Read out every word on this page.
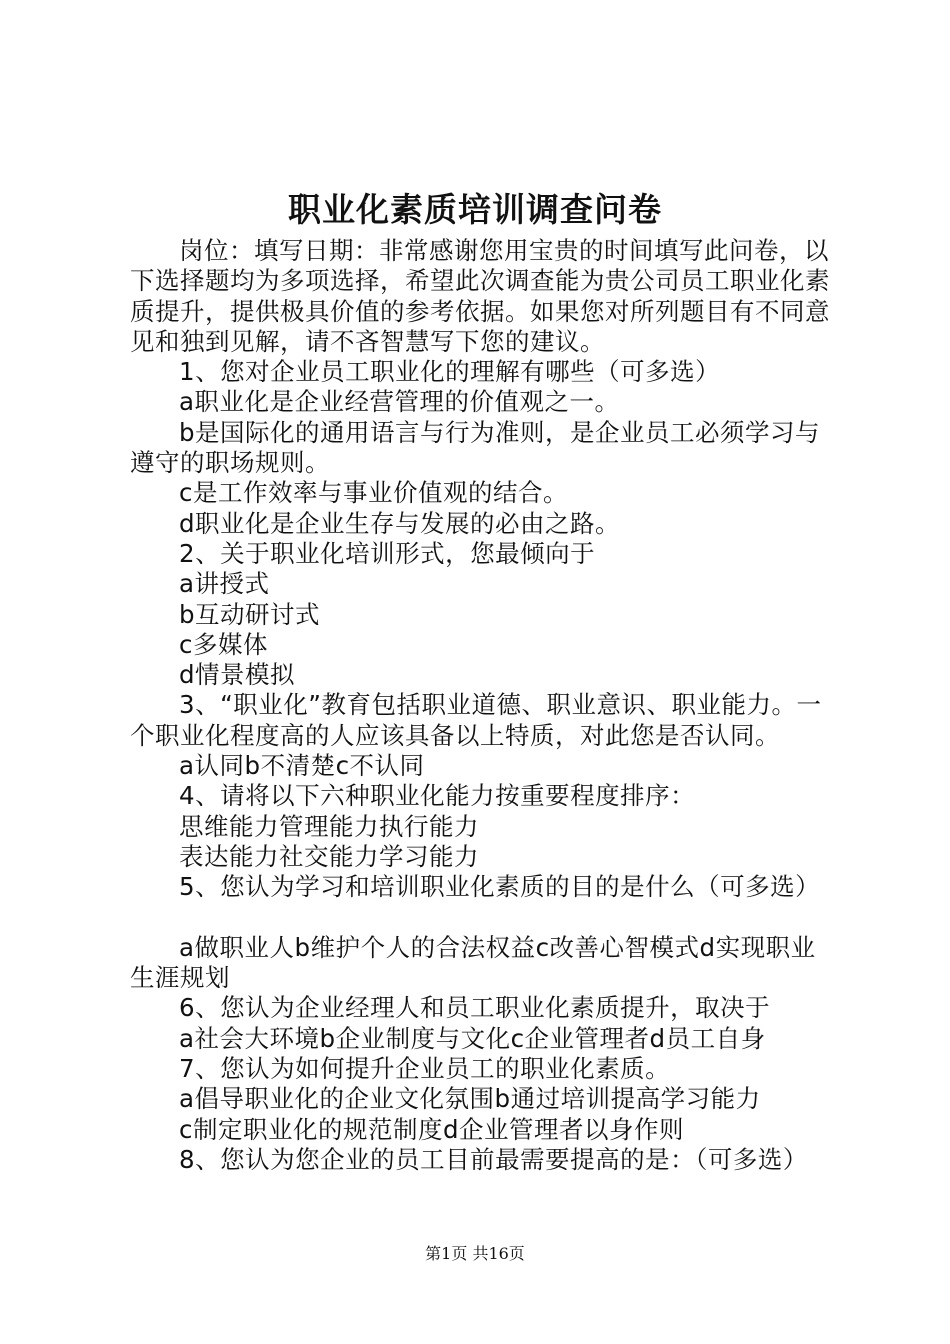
职业化素质培训调查问卷

岗位：填写日期：非常感谢您用宝贵的时间填写此问卷，以下选择题均为多项选择，希望此次调查能为贵公司员工职业化素质提升，提供极具价值的参考依据。如果您对所列题目有不同意见和独到见解，请不吝智慧写下您的建议。

1、您对企业员工职业化的理解有哪些（可多选）

a职业化是企业经营管理的价值观之一。

b是国际化的通用语言与行为准则，是企业员工必须学习与遵守的职场规则。

c是工作效率与事业价值观的结合。

d职业化是企业生存与发展的必由之路。

2、关于职业化培训形式，您最倾向于

a讲授式

b互动研讨式

c多媒体

d情景模拟

3、“职业化”教育包括职业道德、职业意识、职业能力。一个职业化程度高的人应该具备以上特质，对此您是否认同。

a认同b不清楚c不认同

4、请将以下六种职业化能力按重要程度排序：

思维能力管理能力执行能力

表达能力社交能力学习能力

5、您认为学习和培训职业化素质的目的是什么（可多选）

a做职业人b维护个人的合法权益c改善心智模式d实现职业生涯规划

6、您认为企业经理人和员工职业化素质提升，取决于

a社会大环境b企业制度与文化c企业管理者d员工自身

7、您认为如何提升企业员工的职业化素质。

a倡导职业化的企业文化氛围b通过培训提高学习能力

c制定职业化的规范制度d企业管理者以身作则

8、您认为您企业的员工目前最需要提高的是：（可多选）

第1页 共16页
